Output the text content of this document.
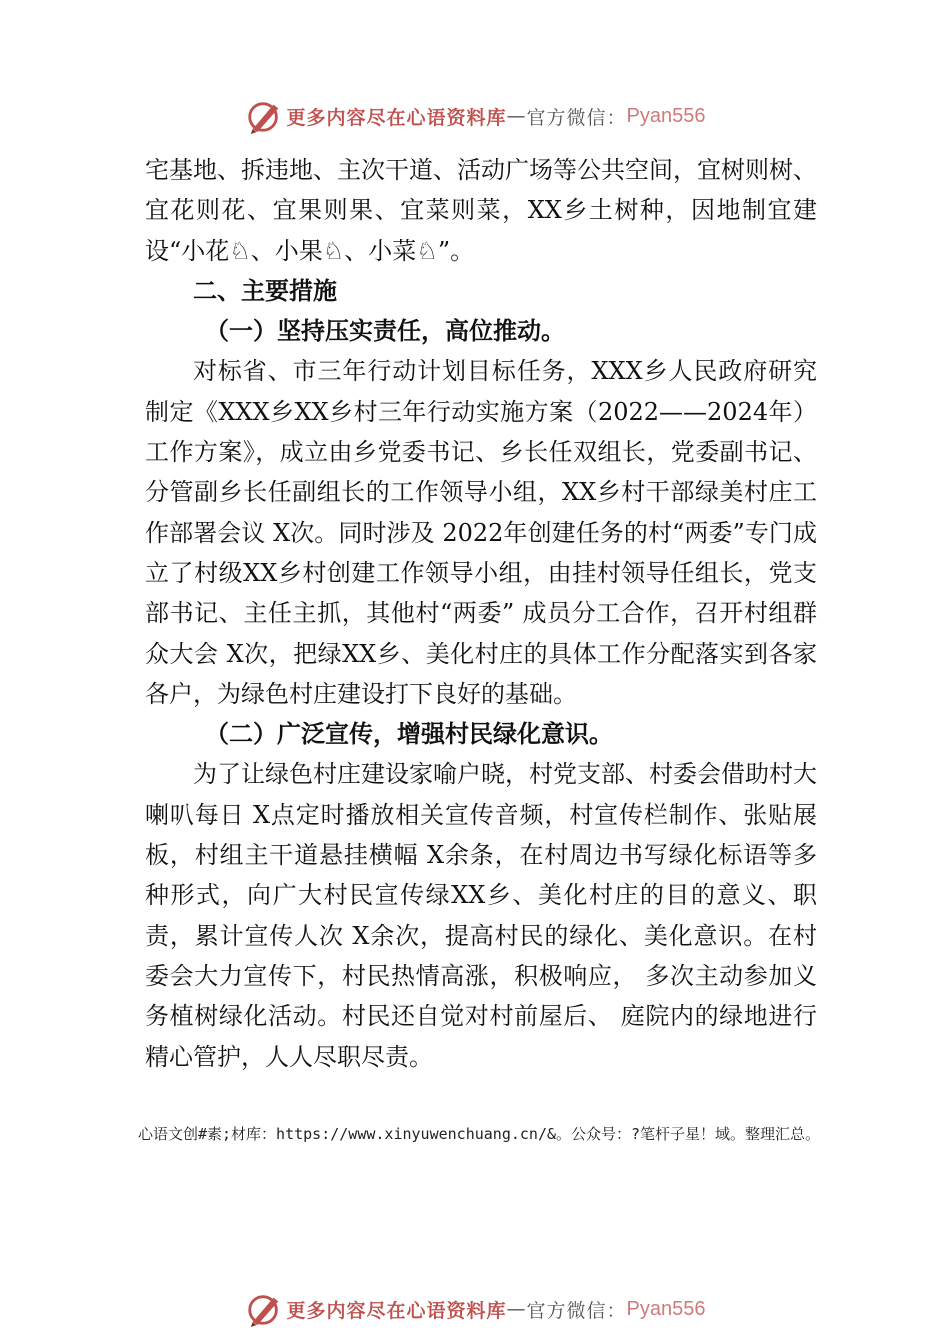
更多内容尽在心语资料库 — 官方微信： Pyan556

宅基地、拆违地、主次干道、活动广场等公共空间，宜树则树、宜花则花、宜果则果、宜菜则菜，XX乡土树种，因地制宜建设“小花♘、小果♘、小菜♘”。

二、主要措施

（一）坚持压实责任，高位推动。

对标省、市三年行动计划目标任务，XXX乡人民政府研究制定《XXX乡XX乡村三年行动实施方案（2022——2024年）工作方案》，成立由乡党委书记、乡长任双组长，党委副书记、分管副乡长任副组长的工作领导小组，XX乡村干部绿美村庄工作部署会议 X次。同时涉及 2022年创建任务的村“两委”专门成立了村级XX乡村创建工作领导小组，由挂村领导任组长，党支部书记、主任主抓，其他村“两委” 成员分工合作，召开村组群众大会 X次，把绿XX乡、美化村庄的具体工作分配落实到各家各户，为绿色村庄建设打下良好的基础。

（二）广泛宣传，增强村民绿化意识。

为了让绿色村庄建设家喻户晓，村党支部、村委会借助村大喇叭每日 X点定时播放相关宣传音频，村宣传栏制作、张贴展板，村组主干道悬挂横幅 X余条，在村周边书写绿化标语等多种形式，向广大村民宣传绿XX乡、美化村庄的目的意义、职责，累计宣传人次 X余次，提高村民的绿化、美化意识。在村委会大力宣传下，村民热情高涨，积极响应， 多次主动参加义务植树绿化活动。村民还自觉对村前屋后、 庭院内的绿地进行精心管护，人人尽职尽责。

心语文创#素;材库：https://www.xinyuwenchuang.cn/&。公众号：?笔杆子星！域。整理汇总。
更多内容尽在心语资料库 — 官方微信： Pyan556
